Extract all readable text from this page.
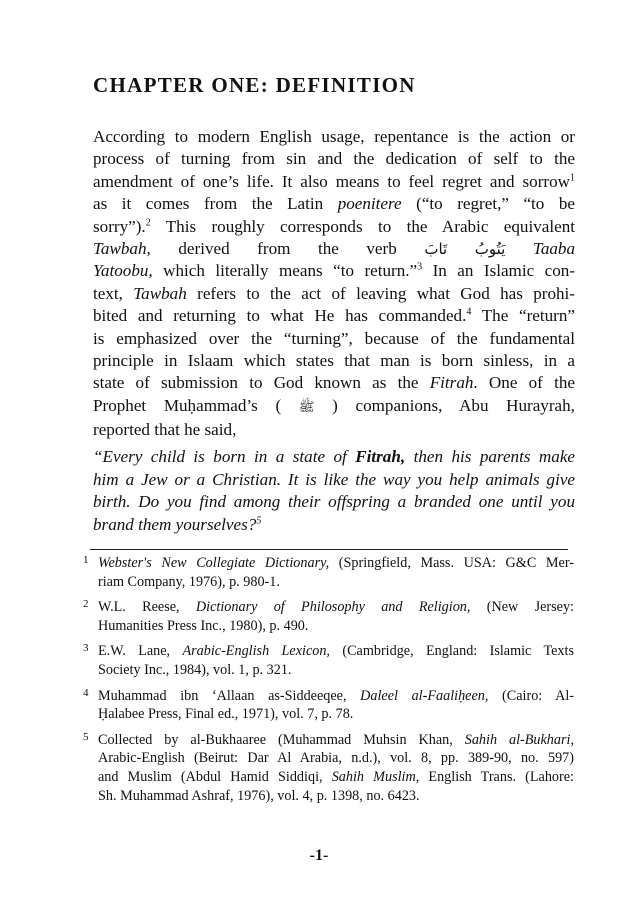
CHAPTER ONE: DEFINITION
According to modern English usage, repentance is the action or
process of turning from sin and the dedication of self to the
amendment of one’s life. It also means to feel regret and sorrow$^1$
as it comes from the Latin poenitere (“to regret,” “to be
sorry”).$^2$ This roughly corresponds to the Arabic equivalent
Tawbah, derived from the verb	يَتُوبُ تَابَ	Taaba
Yatoobu, which literally means “to return.”$^3$ In an Islamic con-
text, Tawbah refers to the act of leaving what God has prohi-
bited and returning to what He has commanded.$^4$ The “return”
is emphasized over the “turning”, because of the fundamental
principle in Islaam which states that man is born sinless, in a
state of submission to God known as the Fitrah. One of the
Prophet Muḥammad’s ( ﷺ ) companions, Abu Hurayrah,
reported that he said,
“Every child is born in a state of Fitrah, then his parents make
him a Jew or a Christian. It is like the way you help animals give
birth. Do you find among their offspring a branded one until you
brand them yourselves?$^5$
1 Webster's New Collegiate Dictionary, (Springfield, Mass. USA: G&C Mer-
riam Company, 1976), p. 980-1.
2 W.L. Reese, Dictionary of Philosophy and Religion, (New Jersey:
Humanities Press Inc., 1980), p. 490.
3 E.W. Lane, Arabic-English Lexicon, (Cambridge, England: Islamic Texts
Society Inc., 1984), vol. 1, p. 321.
4 Muhammad ibn ‘Allaan as-Siddeeqee, Daleel al-Faaliḥeen, (Cairo: Al-
Ḥalabee Press, Final ed., 1971), vol. 7, p. 78.
5 Collected by al-Bukhaaree (Muhammad Muhsin Khan, Sahih al-Bukhari,
Arabic-English (Beirut: Dar Al Arabia, n.d.), vol. 8, pp. 389-90, no. 597)
and Muslim (Abdul Hamid Siddiqi, Sahih Muslim, English Trans. (Lahore:
Sh. Muhammad Ashraf, 1976), vol. 4, p. 1398, no. 6423.
-1-
